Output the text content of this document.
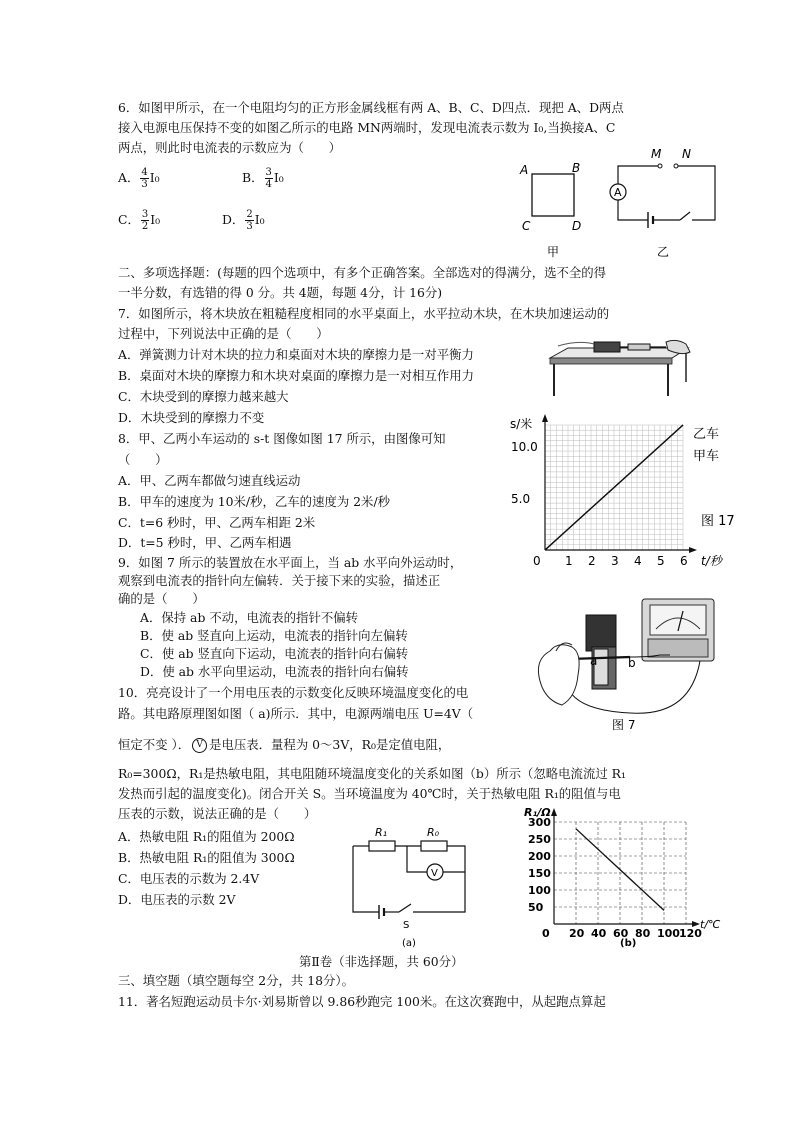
6．如图甲所示，在一个电阻均匀的正方形金属线框有两 A、B、C、D四点．现把 A、D两点
接入电源电压保持不变的如图乙所示的电路 MN两端时，发现电流表示数为 I₀,当换接A、C
两点，则此时电流表的示数应为（　　）
A． $\frac{4}{3} I_0$	B． $\frac{3}{4} I_0$
C． $\frac{3}{2} I_0$	D． $\frac{2}{3} I_0$
A	B
C	D
甲
A
M N
乙
二、多项选择题：(每题的四个选项中，有多个正确答案。全部选对的得满分，选不全的得
一半分数，有选错的得 0 分。共 4题，每题 4分，计 16分)
7．如图所示，将木块放在粗糙程度相同的水平桌面上，水平拉动木块，在木块加速运动的
过程中，下列说法中正确的是（　　）
A．弹簧测力计对木块的拉力和桌面对木块的摩擦力是一对平衡力
B．桌面对木块的摩擦力和木块对桌面的摩擦力是一对相互作用力
C．木块受到的摩擦力越来越大
D．木块受到的摩擦力不变
8．甲、乙两小车运动的 s-t 图像如图 17 所示，由图像可知
（　　）
A．甲、乙两车都做匀速直线运动
B．甲车的速度为 10米/秒，乙车的速度为 2米/秒
C．t=6 秒时，甲、乙两车相距 2米
D．t=5 秒时，甲、乙两车相遇
0 1 2 3 4 5 6
5.0
10.0
s/米
t/秒
乙车
甲车
图 17
9．如图 7 所示的装置放在水平面上，当 ab 水平向外运动时，
观察到电流表的指针向左偏转．关于接下来的实验，描述正
确的是（　　）
A．保持 ab 不动，电流表的指针不偏转
B．使 ab 竖直向上运动，电流表的指针向左偏转
C．使 ab 竖直向下运动，电流表的指针向右偏转
D．使 ab 水平向里运动，电流表的指针向右偏转
a	b
图 7
10．亮亮设计了一个用电压表的示数变化反映环境温度变化的电
路。其电路原理图如图（ a)所示．其中，电源两端电压 U=4V（
恒定不变 ）． V 是电压表．量程为 0～3V，R₀是定值电阻，
R₀=300Ω，R₁是热敏电阻，其电阻随环境温度变化的关系如图（b）所示（忽略电流流过 R₁
发热而引起的温度变化)。闭合开关 S。当环境温度为 40℃时，关于热敏电阻 R₁的阻值与电
压表的示数，说法正确的是（　　）
A．热敏电阻 R₁的阻值为 200Ω
B．热敏电阻 R₁的阻值为 300Ω
C．电压表的示数为 2.4V
D．电压表的示数 2V
R₁	R₀
V
S
(a)
0 20 40 60 80 100 120
50
100
150
200
250
300
R₁/Ω
t/℃
(b)
第Ⅱ卷（非选择题，共 60分）
三、填空题（填空题每空 2分，共 18分）。
11．著名短跑运动员卡尔·刘易斯曾以 9.86秒跑完 100米。在这次赛跑中，从起跑点算起
